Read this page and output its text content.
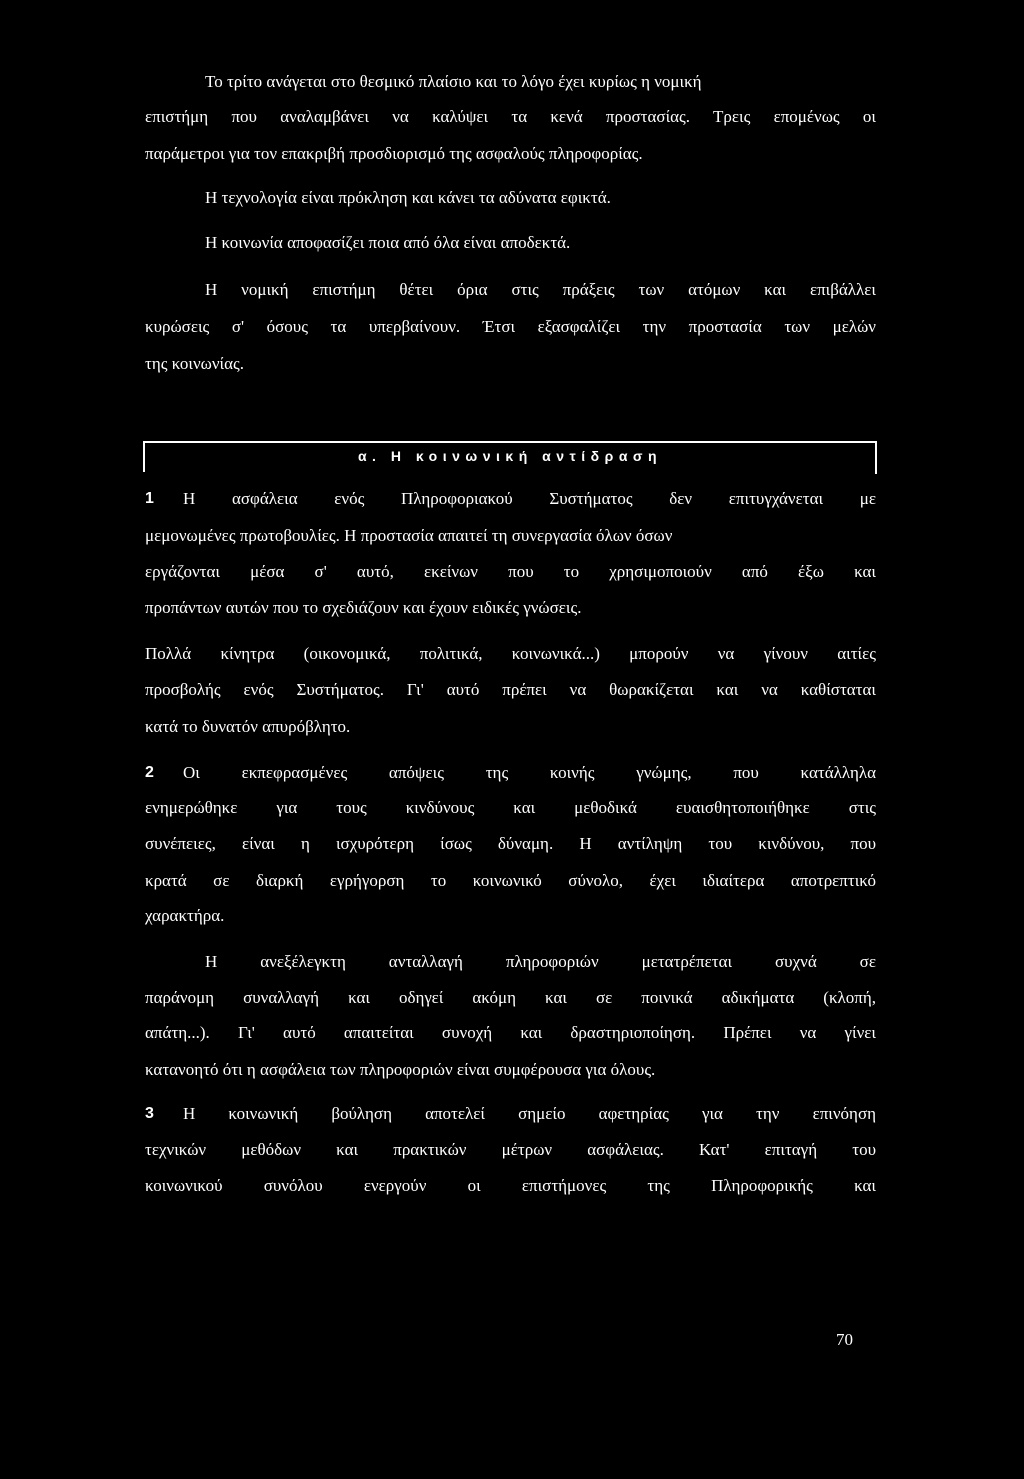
Το τρίτο ανάγεται στο θεσμικό πλαίσιο και το λόγο έχει κυρίως η νομική
επιστήμη που αναλαμβάνει να καλύψει τα κενά προστασίας. Τρεις επομένως οι
παράμετροι για τον επακριβή προσδιορισμό της ασφαλούς πληροφορίας.
Η τεχνολογία είναι πρόκληση και κάνει τα αδύνατα εφικτά.
Η κοινωνία αποφασίζει ποια από όλα είναι αποδεκτά.
Η νομική επιστήμη θέτει όρια στις πράξεις των ατόμων και επιβάλλει
κυρώσεις σ' όσους τα υπερβαίνουν. Έτσι εξασφαλίζει την προστασία των μελών
της κοινωνίας.
α. Η κοινωνική αντίδραση
1	Η ασφάλεια ενός Πληροφοριακού Συστήματος δεν επιτυγχάνεται με
μεμονωμένες πρωτοβουλίες. Η προστασία απαιτεί τη συνεργασία όλων όσων
εργάζονται μέσα σ' αυτό, εκείνων που το χρησιμοποιούν από έξω και
προπάντων αυτών που το σχεδιάζουν και έχουν ειδικές γνώσεις.
Πολλά κίνητρα (οικονομικά, πολιτικά, κοινωνικά...) μπορούν να γίνουν αιτίες
προσβολής ενός Συστήματος. Γι' αυτό πρέπει να θωρακίζεται και να καθίσταται
κατά το δυνατόν απυρόβλητο.
2	Οι εκπεφρασμένες απόψεις της κοινής γνώμης, που κατάλληλα
ενημερώθηκε για τους κινδύνους και μεθοδικά ευαισθητοποιήθηκε στις
συνέπειες, είναι η ισχυρότερη ίσως δύναμη. Η αντίληψη του κινδύνου, που
κρατά σε διαρκή εγρήγορση το κοινωνικό σύνολο, έχει ιδιαίτερα αποτρεπτικό
χαρακτήρα.
Η ανεξέλεγκτη ανταλλαγή πληροφοριών μετατρέπεται συχνά σε
παράνομη συναλλαγή και οδηγεί ακόμη και σε ποινικά αδικήματα (κλοπή,
απάτη...). Γι' αυτό απαιτείται συνοχή και δραστηριοποίηση. Πρέπει να γίνει
κατανοητό ότι η ασφάλεια των πληροφοριών είναι συμφέρουσα για όλους.
3	Η κοινωνική βούληση αποτελεί σημείο αφετηρίας για την επινόηση
τεχνικών μεθόδων και πρακτικών μέτρων ασφάλειας. Κατ' επιταγή του
κοινωνικού συνόλου ενεργούν οι επιστήμονες της Πληροφορικής και
70
